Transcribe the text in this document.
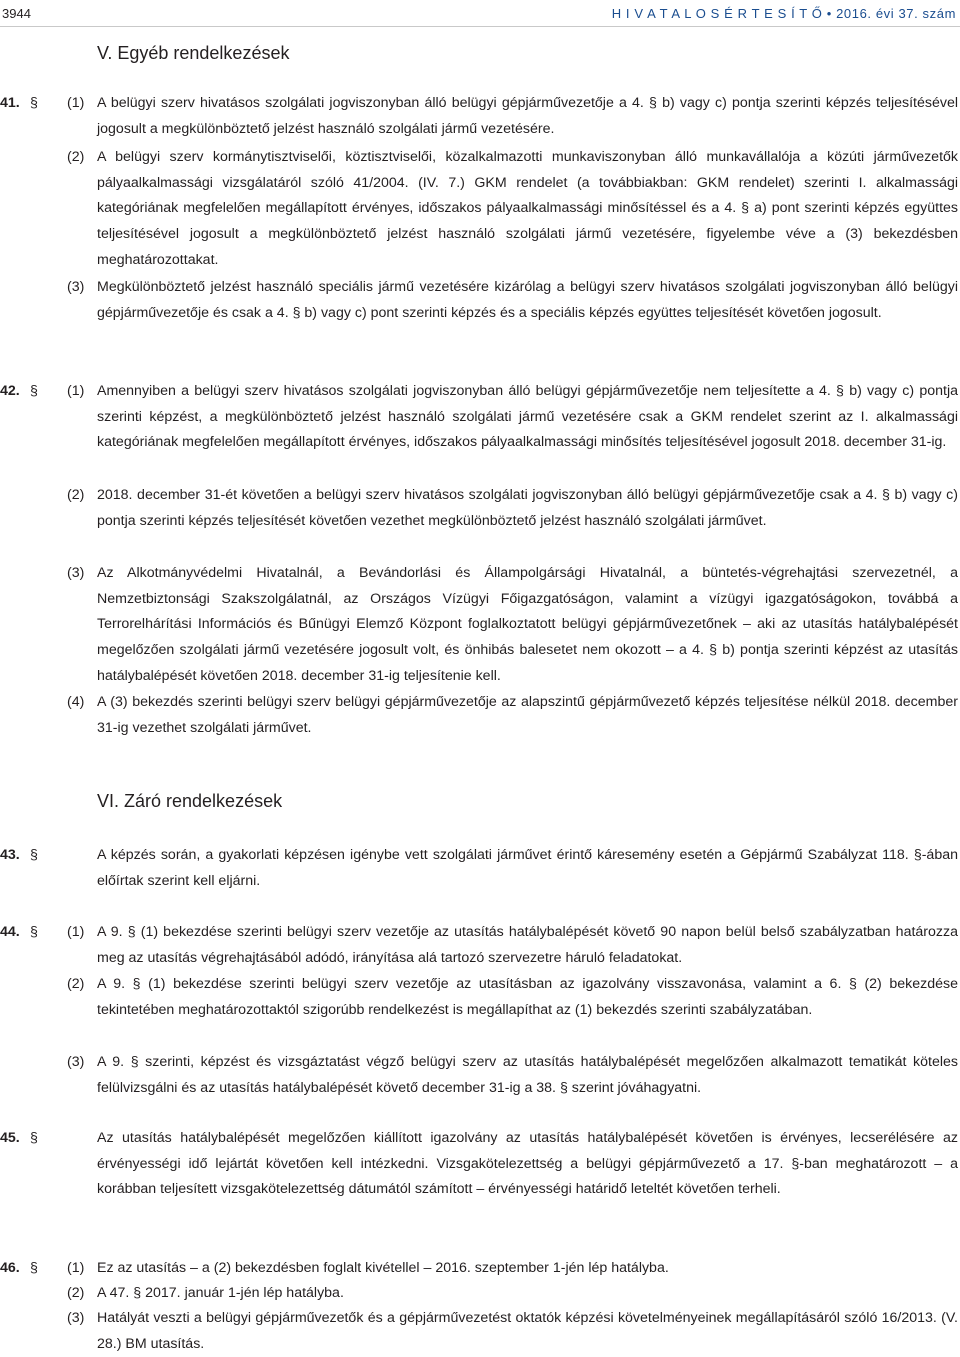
3944	H I V A T A L O S É R T E S Í T Ő • 2016. évi 37. szám
V. Egyéb rendelkezések
41. § (1) A belügyi szerv hivatásos szolgálati jogviszonyban álló belügyi gépjárművezetője a 4. § b) vagy c) pontja szerinti képzés teljesítésével jogosult a megkülönböztető jelzést használó szolgálati jármű vezetésére.
(2) A belügyi szerv kormánytisztviselői, köztisztviselői, közalkalmazotti munkaviszonyban álló munkavállalója a közúti járművezetők pályaalkalmassági vizsgálatáról szóló 41/2004. (IV. 7.) GKM rendelet (a továbbiakban: GKM rendelet) szerinti I. alkalmassági kategóriának megfelelően megállapított érvényes, időszakos pályaalkalmassági minősítéssel és a 4. § a) pont szerinti képzés együttes teljesítésével jogosult a megkülönböztető jelzést használó szolgálati jármű vezetésére, figyelembe véve a (3) bekezdésben meghatározottakat.
(3) Megkülönböztető jelzést használó speciális jármű vezetésére kizárólag a belügyi szerv hivatásos szolgálati jogviszonyban álló belügyi gépjárművezetője és csak a 4. § b) vagy c) pont szerinti képzés és a speciális képzés együttes teljesítését követően jogosult.
42. § (1) Amennyiben a belügyi szerv hivatásos szolgálati jogviszonyban álló belügyi gépjárművezetője nem teljesítette a 4. § b) vagy c) pontja szerinti képzést, a megkülönböztető jelzést használó szolgálati jármű vezetésére csak a GKM rendelet szerint az I. alkalmassági kategóriának megfelelően megállapított érvényes, időszakos pályaalkalmassági minősítés teljesítésével jogosult 2018. december 31-ig.
(2) 2018. december 31-ét követően a belügyi szerv hivatásos szolgálati jogviszonyban álló belügyi gépjárművezetője csak a 4. § b) vagy c) pontja szerinti képzés teljesítését követően vezethet megkülönböztető jelzést használó szolgálati járművet.
(3) Az Alkotmányvédelmi Hivatalnál, a Bevándorlási és Állampolgársági Hivatalnál, a büntetés-végrehajtási szervezetnél, a Nemzetbiztonsági Szakszolgálatnál, az Országos Vízügyi Főigazgatóságon, valamint a vízügyi igazgatóságokon, továbbá a Terrorelhárítási Információs és Bűnügyi Elemző Központ foglalkoztatott belügyi gépjárművezetőnek – aki az utasítás hatálybalépését megelőzően szolgálati jármű vezetésére jogosult volt, és önhibás balesetet nem okozott – a 4. § b) pontja szerinti képzést az utasítás hatálybalépését követően 2018. december 31-ig teljesítenie kell.
(4) A (3) bekezdés szerinti belügyi szerv belügyi gépjárművezetője az alapszintű gépjárművezető képzés teljesítése nélkül 2018. december 31-ig vezethet szolgálati járművet.
VI. Záró rendelkezések
43. §	A képzés során, a gyakorlati képzésen igénybe vett szolgálati járművet érintő káresemény esetén a Gépjármű Szabályzat 118. §-ában előírtak szerint kell eljárni.
44. § (1) A 9. § (1) bekezdése szerinti belügyi szerv vezetője az utasítás hatálybalépését követő 90 napon belül belső szabályzatban határozza meg az utasítás végrehajtásából adódó, irányítása alá tartozó szervezetre háruló feladatokat.
(2) A 9. § (1) bekezdése szerinti belügyi szerv vezetője az utasításban az igazolvány visszavonása, valamint a 6. § (2) bekezdése tekintetében meghatározottaktól szigorúbb rendelkezést is megállapíthat az (1) bekezdés szerinti szabályzatában.
(3) A 9. § szerinti, képzést és vizsgáztatást végző belügyi szerv az utasítás hatálybalépését megelőzően alkalmazott tematikát köteles felülvizsgálni és az utasítás hatálybalépését követő december 31-ig a 38. § szerint jóváhagyatni.
45. §	Az utasítás hatálybalépését megelőzően kiállított igazolvány az utasítás hatálybalépését követően is érvényes, lecserélésére az érvényességi idő lejártát követően kell intézkedni. Vizsgakötelezettség a belügyi gépjárművezető a 17. §-ban meghatározott – a korábban teljesített vizsgakötelezettség dátumától számított – érvényességi határidő leteltét követően terheli.
46. § (1) Ez az utasítás – a (2) bekezdésben foglalt kivétellel – 2016. szeptember 1-jén lép hatályba.
(2) A 47. § 2017. január 1-jén lép hatályba.
(3) Hatályát veszti a belügyi gépjárművezetők és a gépjárművezetést oktatók képzési követelményeinek megállapításáról szóló 16/2013. (V. 28.) BM utasítás.
